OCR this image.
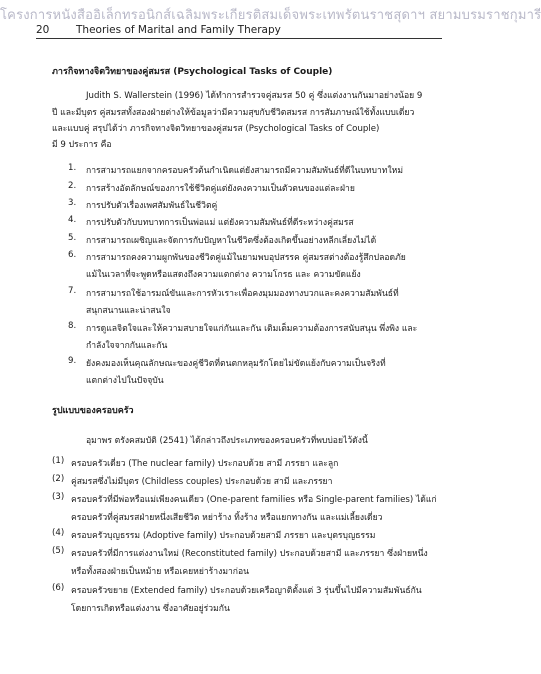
โครงการหนังสืออิเล็กทรอนิกส์เฉลิมพระเกียรติสมเด็จพระเทพรัตนราชสุดาฯ สยามบรมราชกุมารี
20	Theories of Marital and Family Therapy
ภารกิจทางจิตวิทยาของคู่สมรส (Psychological Tasks of Couple)
Judith S. Wallerstein (1996) ได้ทำการสำรวจคู่สมรส 50 คู่ ซึ่งแต่งงานกันมาอย่างน้อย 9
ปี และมีบุตร คู่สมรสทั้งสองฝ่ายต่างให้ข้อมูลว่ามีความสุขกับชีวิตสมรส การสัมภาษณ์ใช้ทั้งแบบเดี่ยว
และแบบคู่ สรุปได้ว่า ภารกิจทางจิตวิทยาของคู่สมรส (Psychological Tasks of Couple)
มี 9 ประการ คือ
1.	การสามารถแยกจากครอบครัวต้นกำเนิดแต่ยังสามารถมีความสัมพันธ์ที่ดีในบทบาทใหม่
2.	การสร้างอัตลักษณ์ของการใช้ชีวิตคู่แต่ยังคงความเป็นตัวตนของแต่ละฝ่าย
3.	การปรับตัวเรื่องเพศสัมพันธ์ในชีวิตคู่
4.	การปรับตัวกับบทบาทการเป็นพ่อแม่ แต่ยังความสัมพันธ์ที่ดีระหว่างคู่สมรส
5.	การสามารถเผชิญและจัดการกับปัญหาในชีวิตซึ่งต้องเกิดขึ้นอย่างหลีกเลี่ยงไม่ได้
6.	การสามารถคงความผูกพันของชีวิตคู่แม้ในยามพบอุปสรรค คู่สมรสต่างต้องรู้สึกปลอดภัย
แม้ในเวลาที่จะพูดหรือแสดงถึงความแตกต่าง ความโกรธ และ ความขัดแย้ง
7.	การสามารถใช้อารมณ์ขันและการหัวเราะเพื่อคงมุมมองทางบวกและคงความสัมพันธ์ที่
สนุกสนานและน่าสนใจ
8.	การดูแลจิตใจและให้ความสบายใจแก่กันและกัน เติมเต็มความต้องการสนับสนุน พึ่งพิง และ
กำลังใจจากกันและกัน
9.	ยังคงมองเห็นคุณลักษณะของคู่ชีวิตที่ตนตกหลุมรักโดยไม่ขัดแย้งกับความเป็นจริงที่
แตกต่างไปในปัจจุบัน
รูปแบบของครอบครัว
อุมาพร ตรังคสมบัติ (2541) ได้กล่าวถึงประเภทของครอบครัวที่พบบ่อยไว้ดังนี้
(1) ครอบครัวเดี่ยว (The nuclear family) ประกอบด้วย สามี ภรรยา และลูก
(2) คู่สมรสซึ่งไม่มีบุตร (Childless couples) ประกอบด้วย สามี และภรรยา
(3) ครอบครัวที่มีพ่อหรือแม่เพียงคนเดียว (One-parent families หรือ Single-parent families) ได้แก่
ครอบครัวที่คู่สมรสฝ่ายหนึ่งเสียชีวิต หย่าร้าง ทิ้งร้าง หรือแยกทางกัน และแม่เลี้ยงเดี่ยว
(4) ครอบครัวบุญธรรม (Adoptive family) ประกอบด้วยสามี ภรรยา และบุตรบุญธรรม
(5) ครอบครัวที่มีการแต่งงานใหม่ (Reconstituted family) ประกอบด้วยสามี และภรรยา ซึ่งฝ่ายหนึ่ง
หรือทั้งสองฝ่ายเป็นหม้าย หรือเคยหย่าร้างมาก่อน
(6) ครอบครัวขยาย (Extended family) ประกอบด้วยเครือญาติตั้งแต่ 3 รุ่นขึ้นไปมีความสัมพันธ์กัน
โดยการเกิดหรือแต่งงาน ซึ่งอาศัยอยู่ร่วมกัน
